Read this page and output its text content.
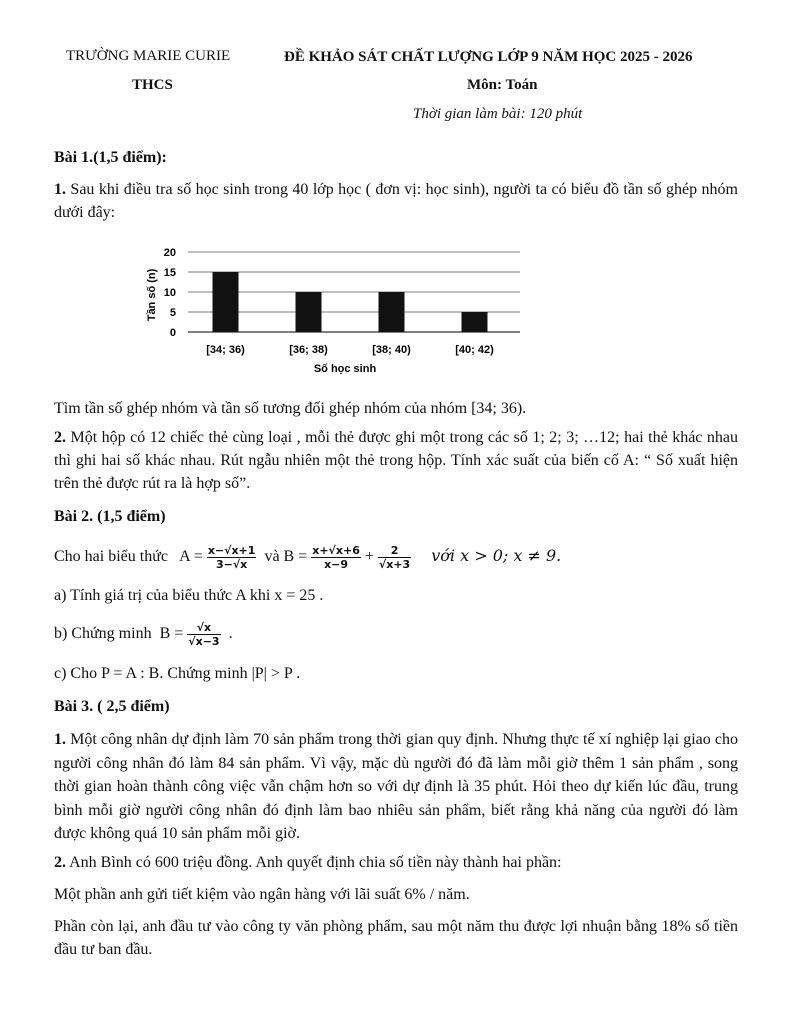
TRƯỜNG MARIE CURIE
THCS
ĐỀ KHẢO SÁT CHẤT LƯỢNG LỚP 9 NĂM HỌC 2025 - 2026
Môn: Toán
Thời gian làm bài: 120 phút
Bài 1.(1,5 điểm):
1. Sau khi điều tra số học sinh trong 40 lớp học ( đơn vị: học sinh), người ta có biểu đồ tần số ghép nhóm dưới đây:
0
5
10
15
20
[34; 36)	[36; 38)	[38; 40)	[40; 42)
Số học sinh
Tần số (n)
Tìm tần số ghép nhóm và tần số tương đối ghép nhóm của nhóm [34; 36).
2. Một hộp có 12 chiếc thẻ cùng loại , mỗi thẻ được ghi một trong các số 1; 2; 3; …12; hai thẻ khác nhau thì ghi hai số khác nhau. Rút ngẫu nhiên một thẻ trong hộp. Tính xác suất của biến cố A: “ Số xuất hiện trên thẻ được rút ra là hợp số”.
Bài 2. (1,5 điểm)
Cho hai biểu thức $A = \frac{x-√x+1}{3-√x}$ và $B = \frac{x+√x+6}{x-9} + \frac{2}{√x+3}$ với x > 0; x ≠ 9.
a) Tính giá trị của biểu thức A khi x = 25 .
b) Chứng minh $B = \frac{√x}{√x-3}$ .
c) Cho P = A : B. Chứng minh |P| > P .
Bài 3. ( 2,5 điểm)
1. Một công nhân dự định làm 70 sản phẩm trong thời gian quy định. Nhưng thực tế xí nghiệp lại giao cho người công nhân đó làm 84 sản phẩm. Vì vậy, mặc dù người đó đã làm mỗi giờ thêm 1 sản phẩm , song thời gian hoàn thành công việc vẫn chậm hơn so với dự định là 35 phút. Hỏi theo dự kiến lúc đầu, trung bình mỗi giờ người công nhân đó định làm bao nhiêu sản phẩm, biết rằng khả năng của người đó làm được không quá 10 sản phẩm mỗi giờ.
2. Anh Bình có 600 triệu đồng. Anh quyết định chia số tiền này thành hai phần:
Một phần anh gửi tiết kiệm vào ngân hàng với lãi suất 6% / năm.
Phần còn lại, anh đầu tư vào công ty văn phòng phẩm, sau một năm thu được lợi nhuận bằng 18% số tiền đầu tư ban đầu.
